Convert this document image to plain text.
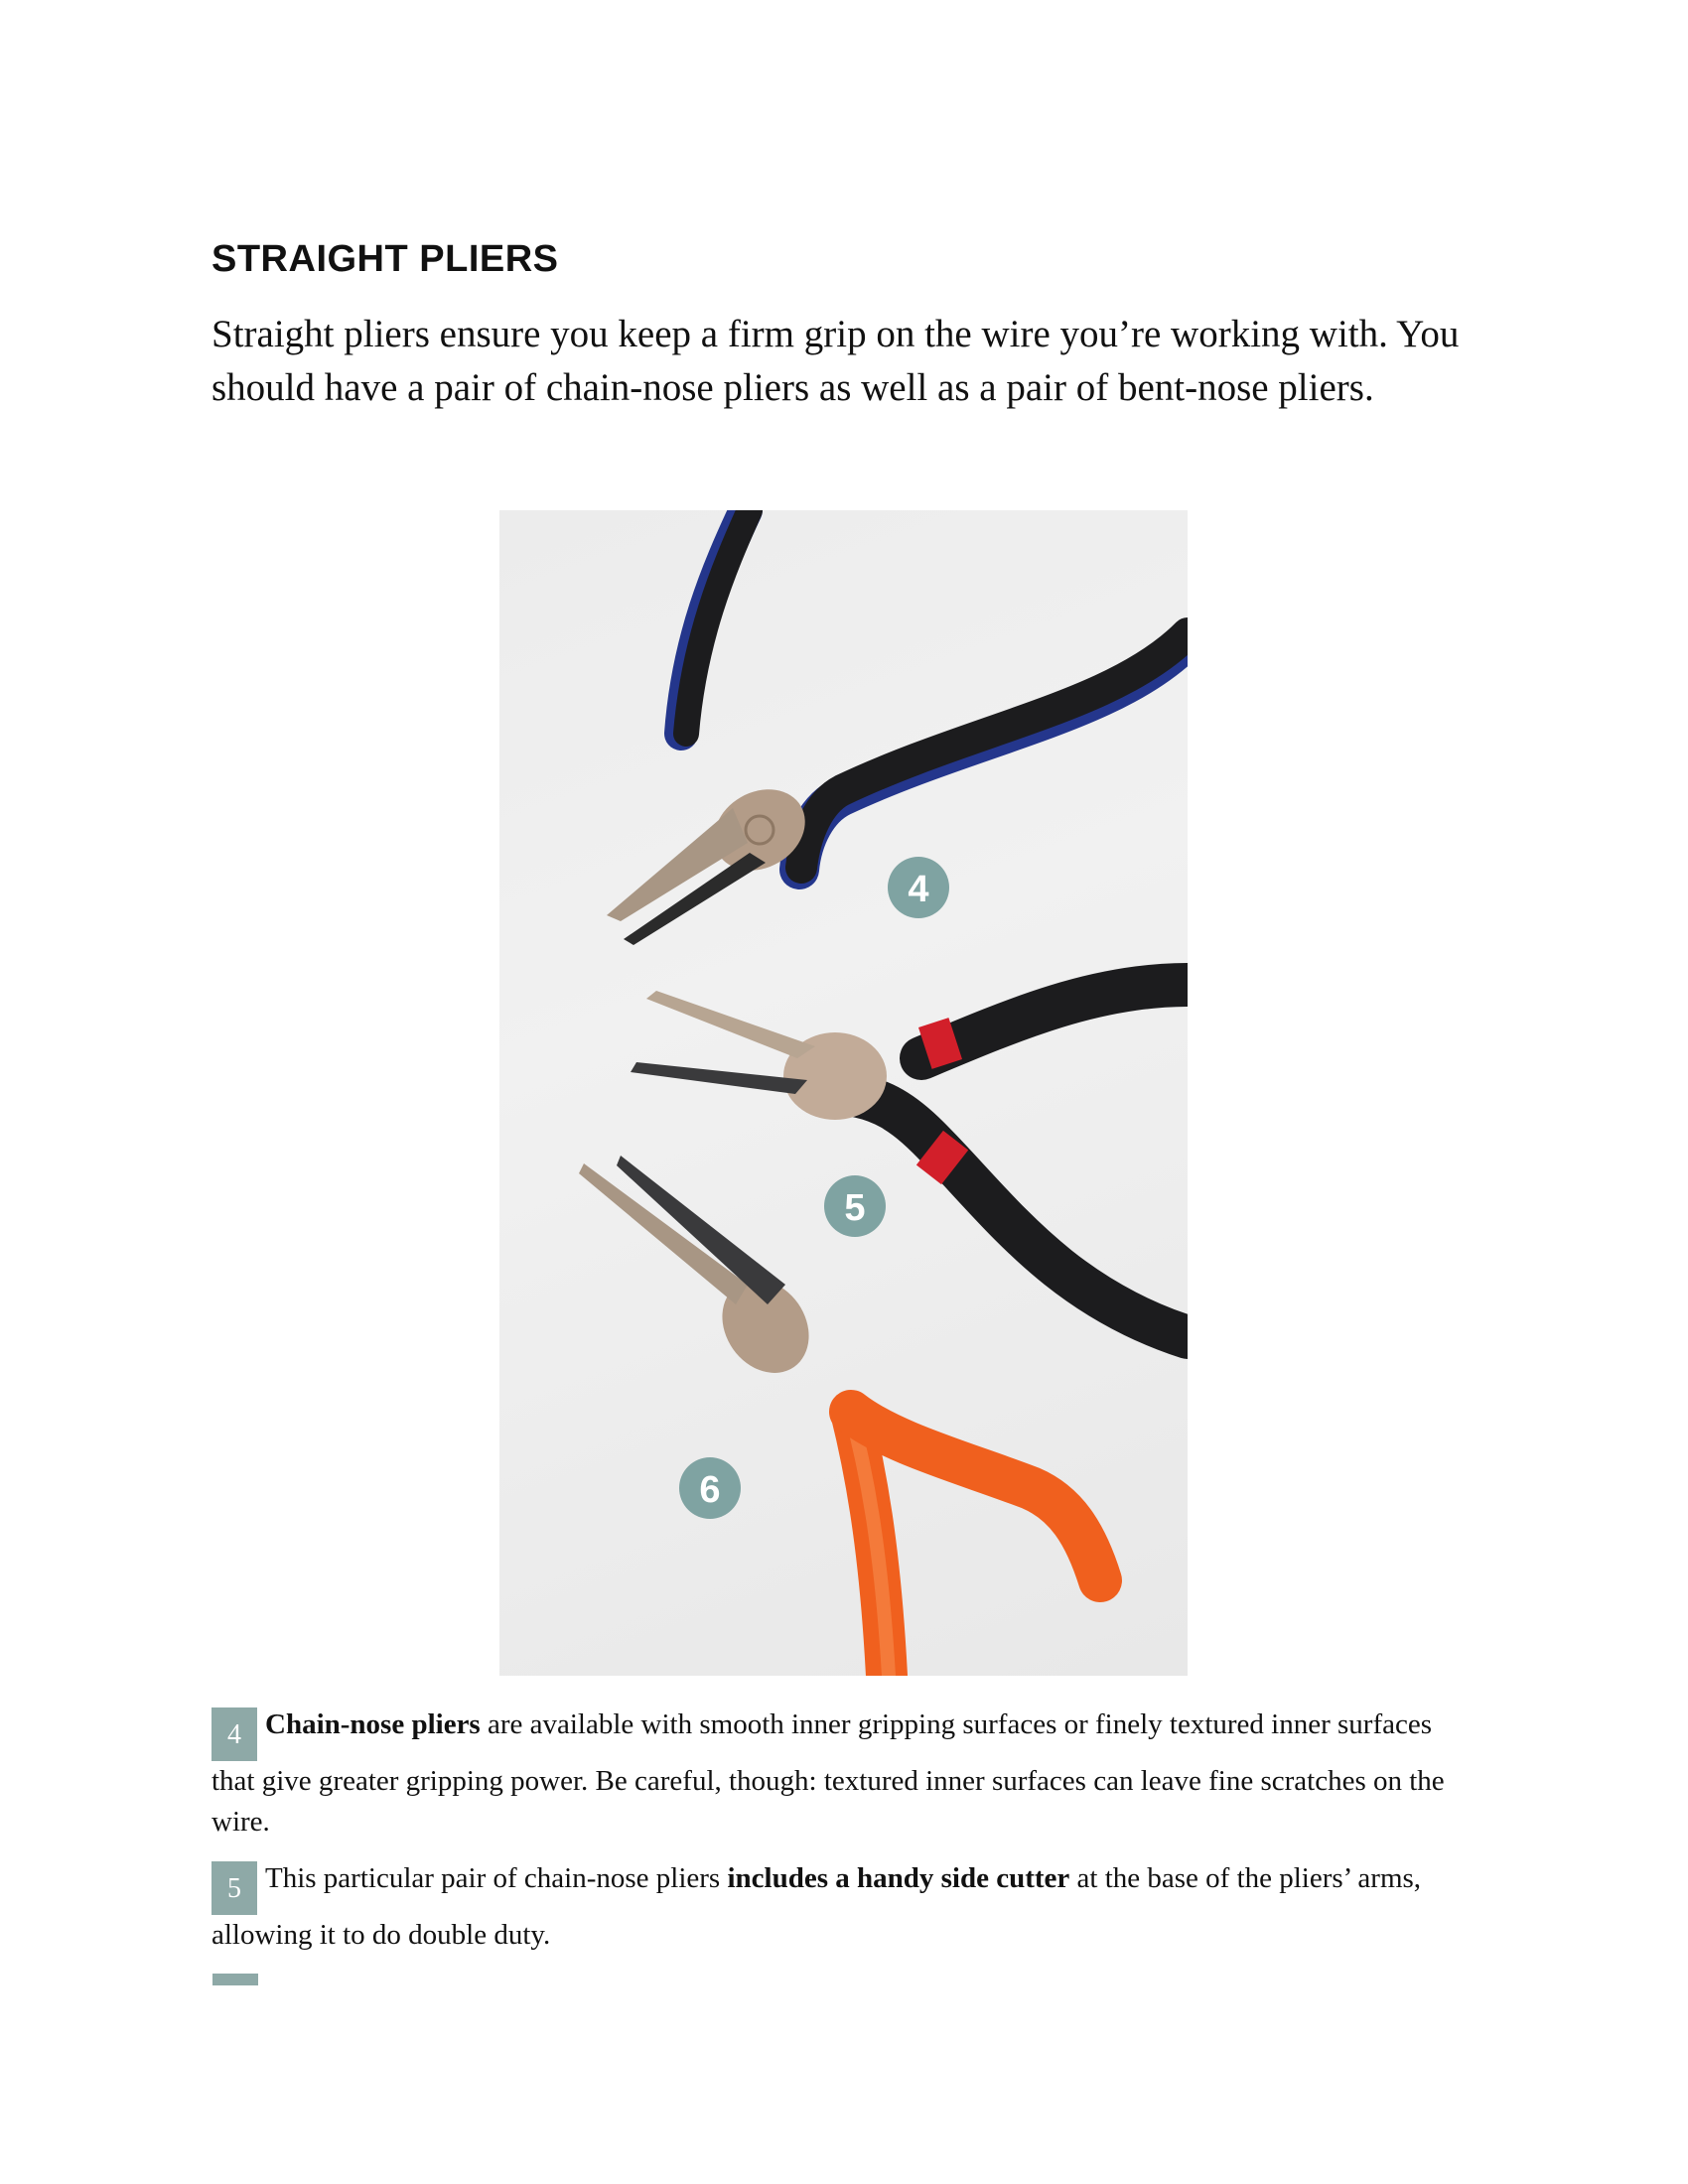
STRAIGHT PLIERS

Straight pliers ensure you keep a firm grip on the wire you’re working with. You should have a pair of chain-nose pliers as well as a pair of bent-nose pliers.

4
5
6

4 Chain-nose pliers are available with smooth inner gripping surfaces or finely textured inner surfaces that give greater gripping power. Be careful, though: textured inner surfaces can leave fine scratches on the wire.

5 This particular pair of chain-nose pliers includes a handy side cutter at the base of the pliers’ arms, allowing it to do double duty.
